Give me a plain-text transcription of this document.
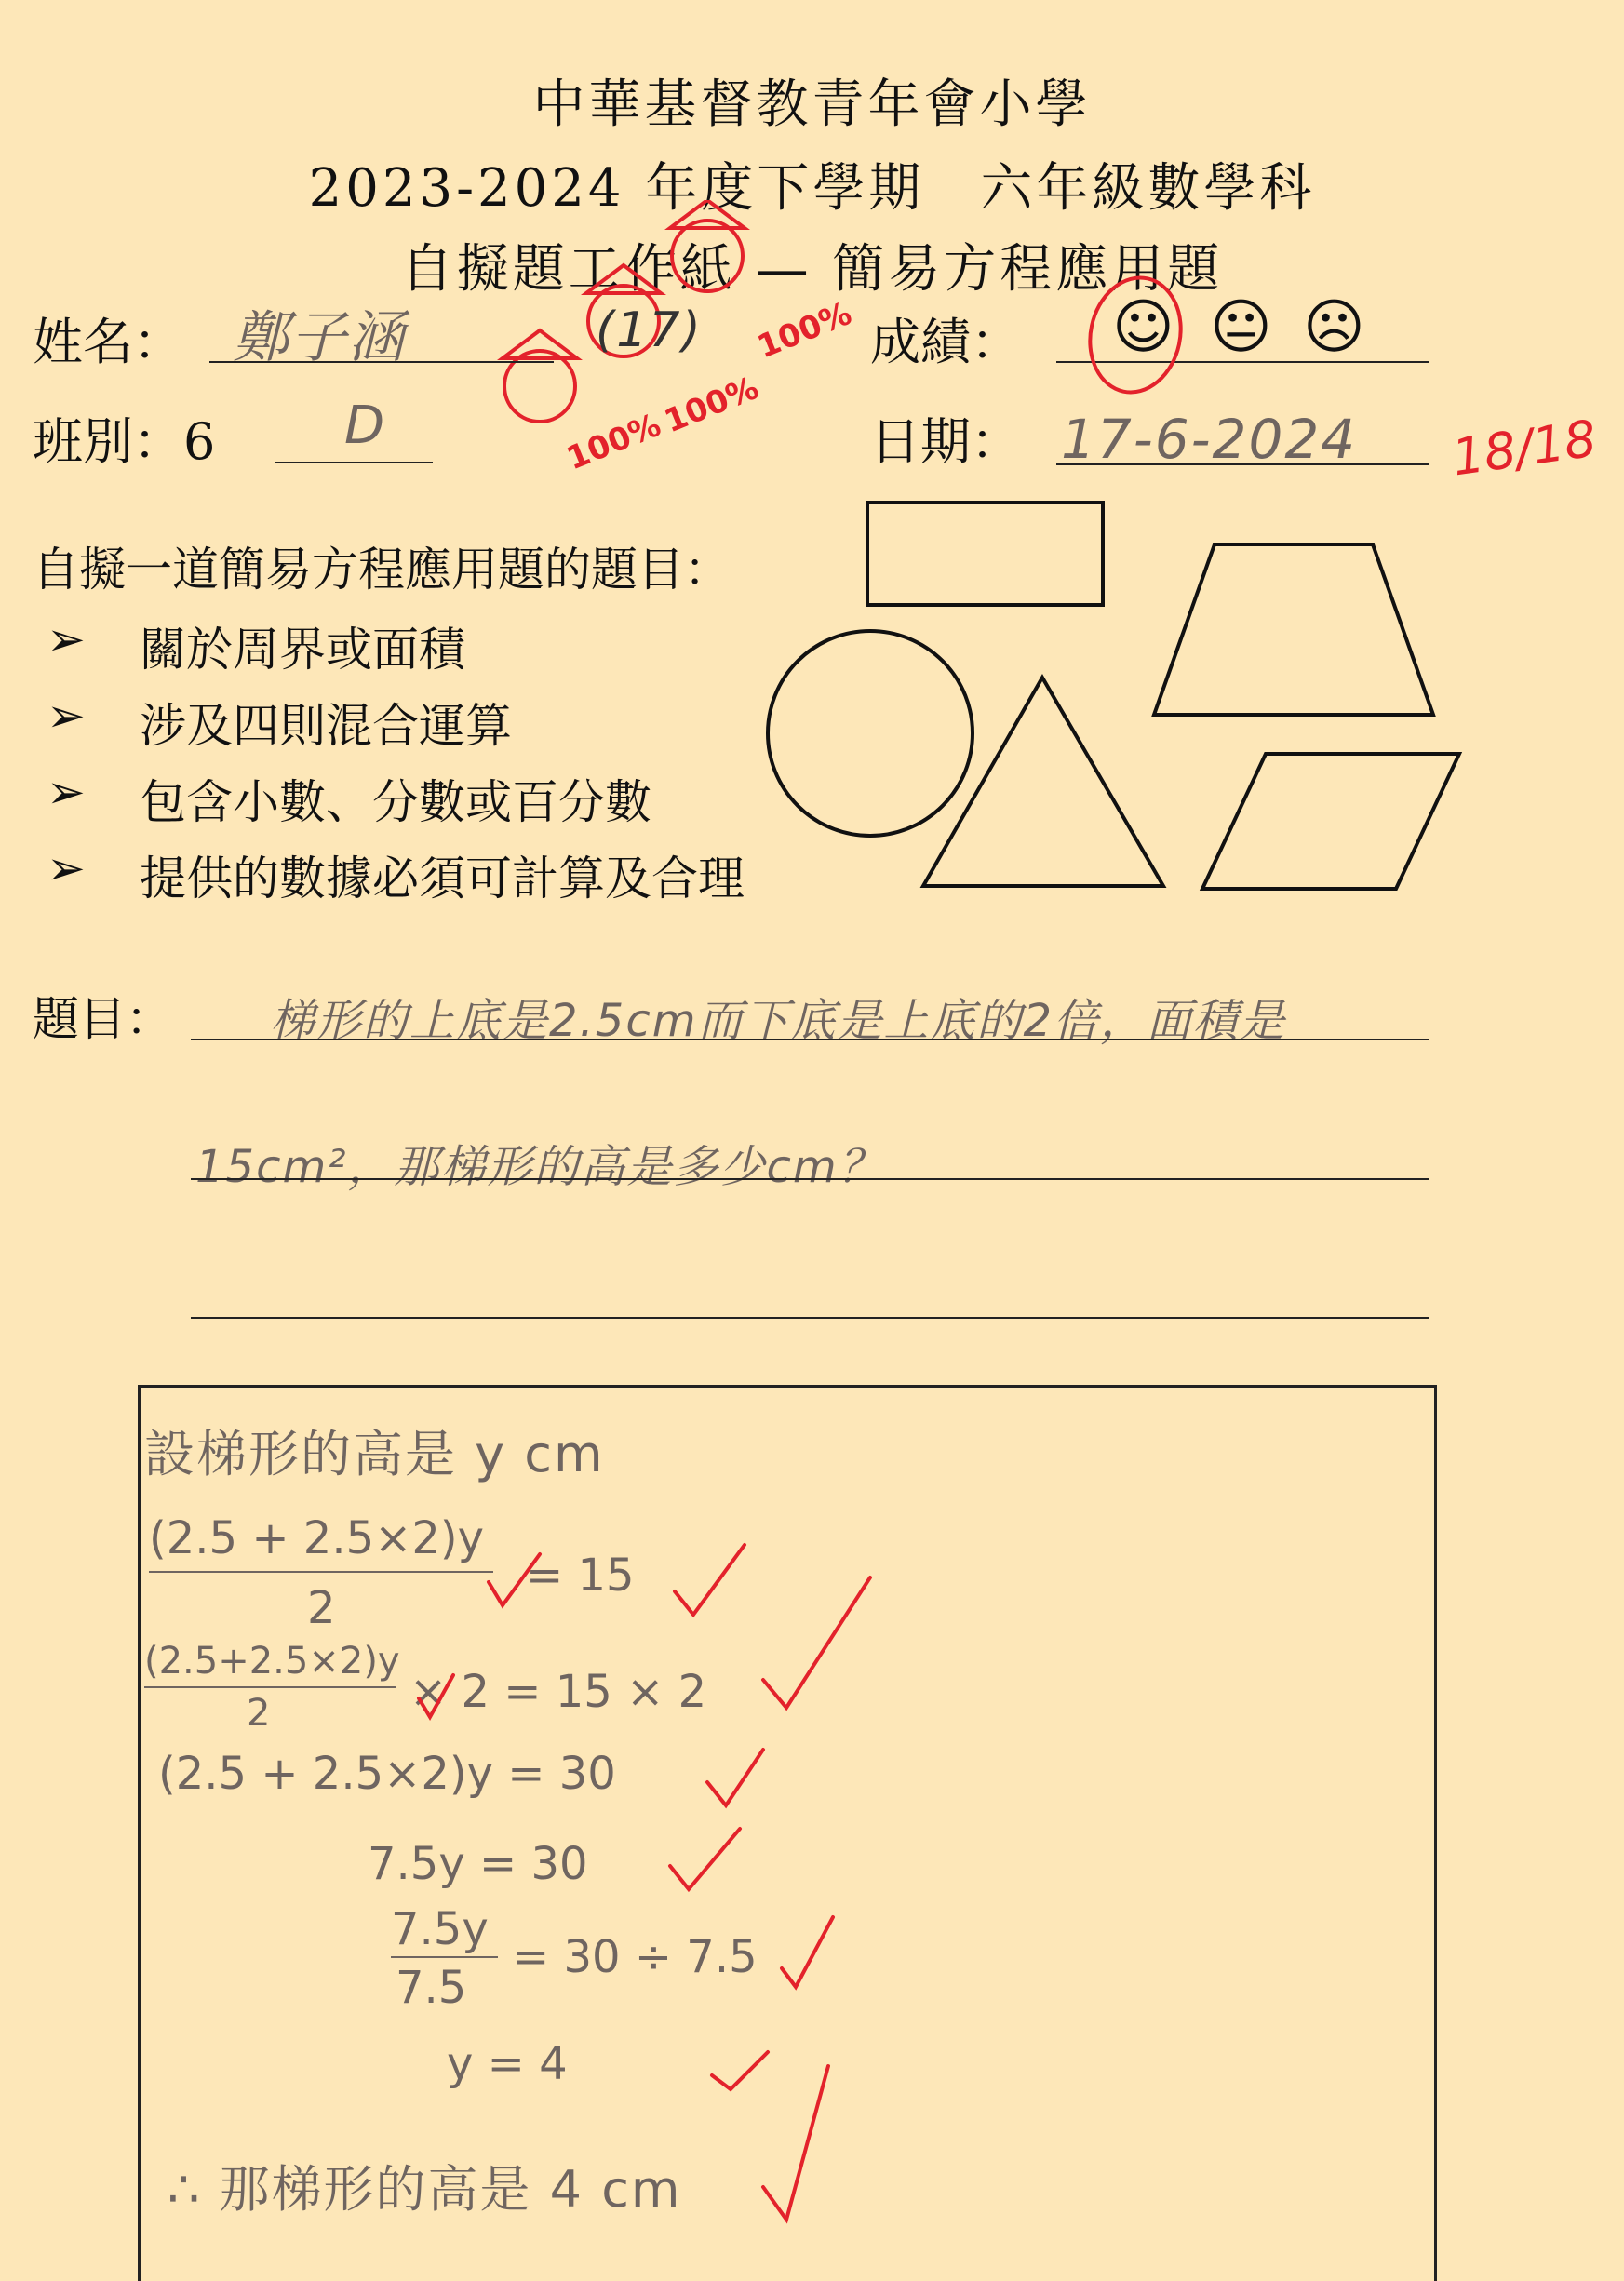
中華基督教青年會小學
2023-2024 年度下學期　六年級數學科
自擬題工作紙 — 簡易方程應用題
100%
100%
100%
姓名： 鄭子涵	(17)	成績： ☺ 😐 ☹
班別：6 D	日期： 17-6-2024 18/18
自擬一道簡易方程應用題的題目：
➢ 關於周界或面積
➢ 涉及四則混合運算
➢ 包含小數、分數或百分數
➢ 提供的數據必須可計算及合理
題目： 梯形的上底是2.5cm而下底是上底的2倍，面積是
15cm²，那梯形的高是多少cm？
設梯形的高是 y cm
(2.5 + 2.5×2)y
2
= 15
(2.5+2.5×2)y
2	× 2 = 15 × 2
(2.5 + 2.5×2)y = 30
7.5y = 30
7.5y
7.5
= 30 ÷ 7.5
y = 4
∴ 那梯形的高是 4 cm
